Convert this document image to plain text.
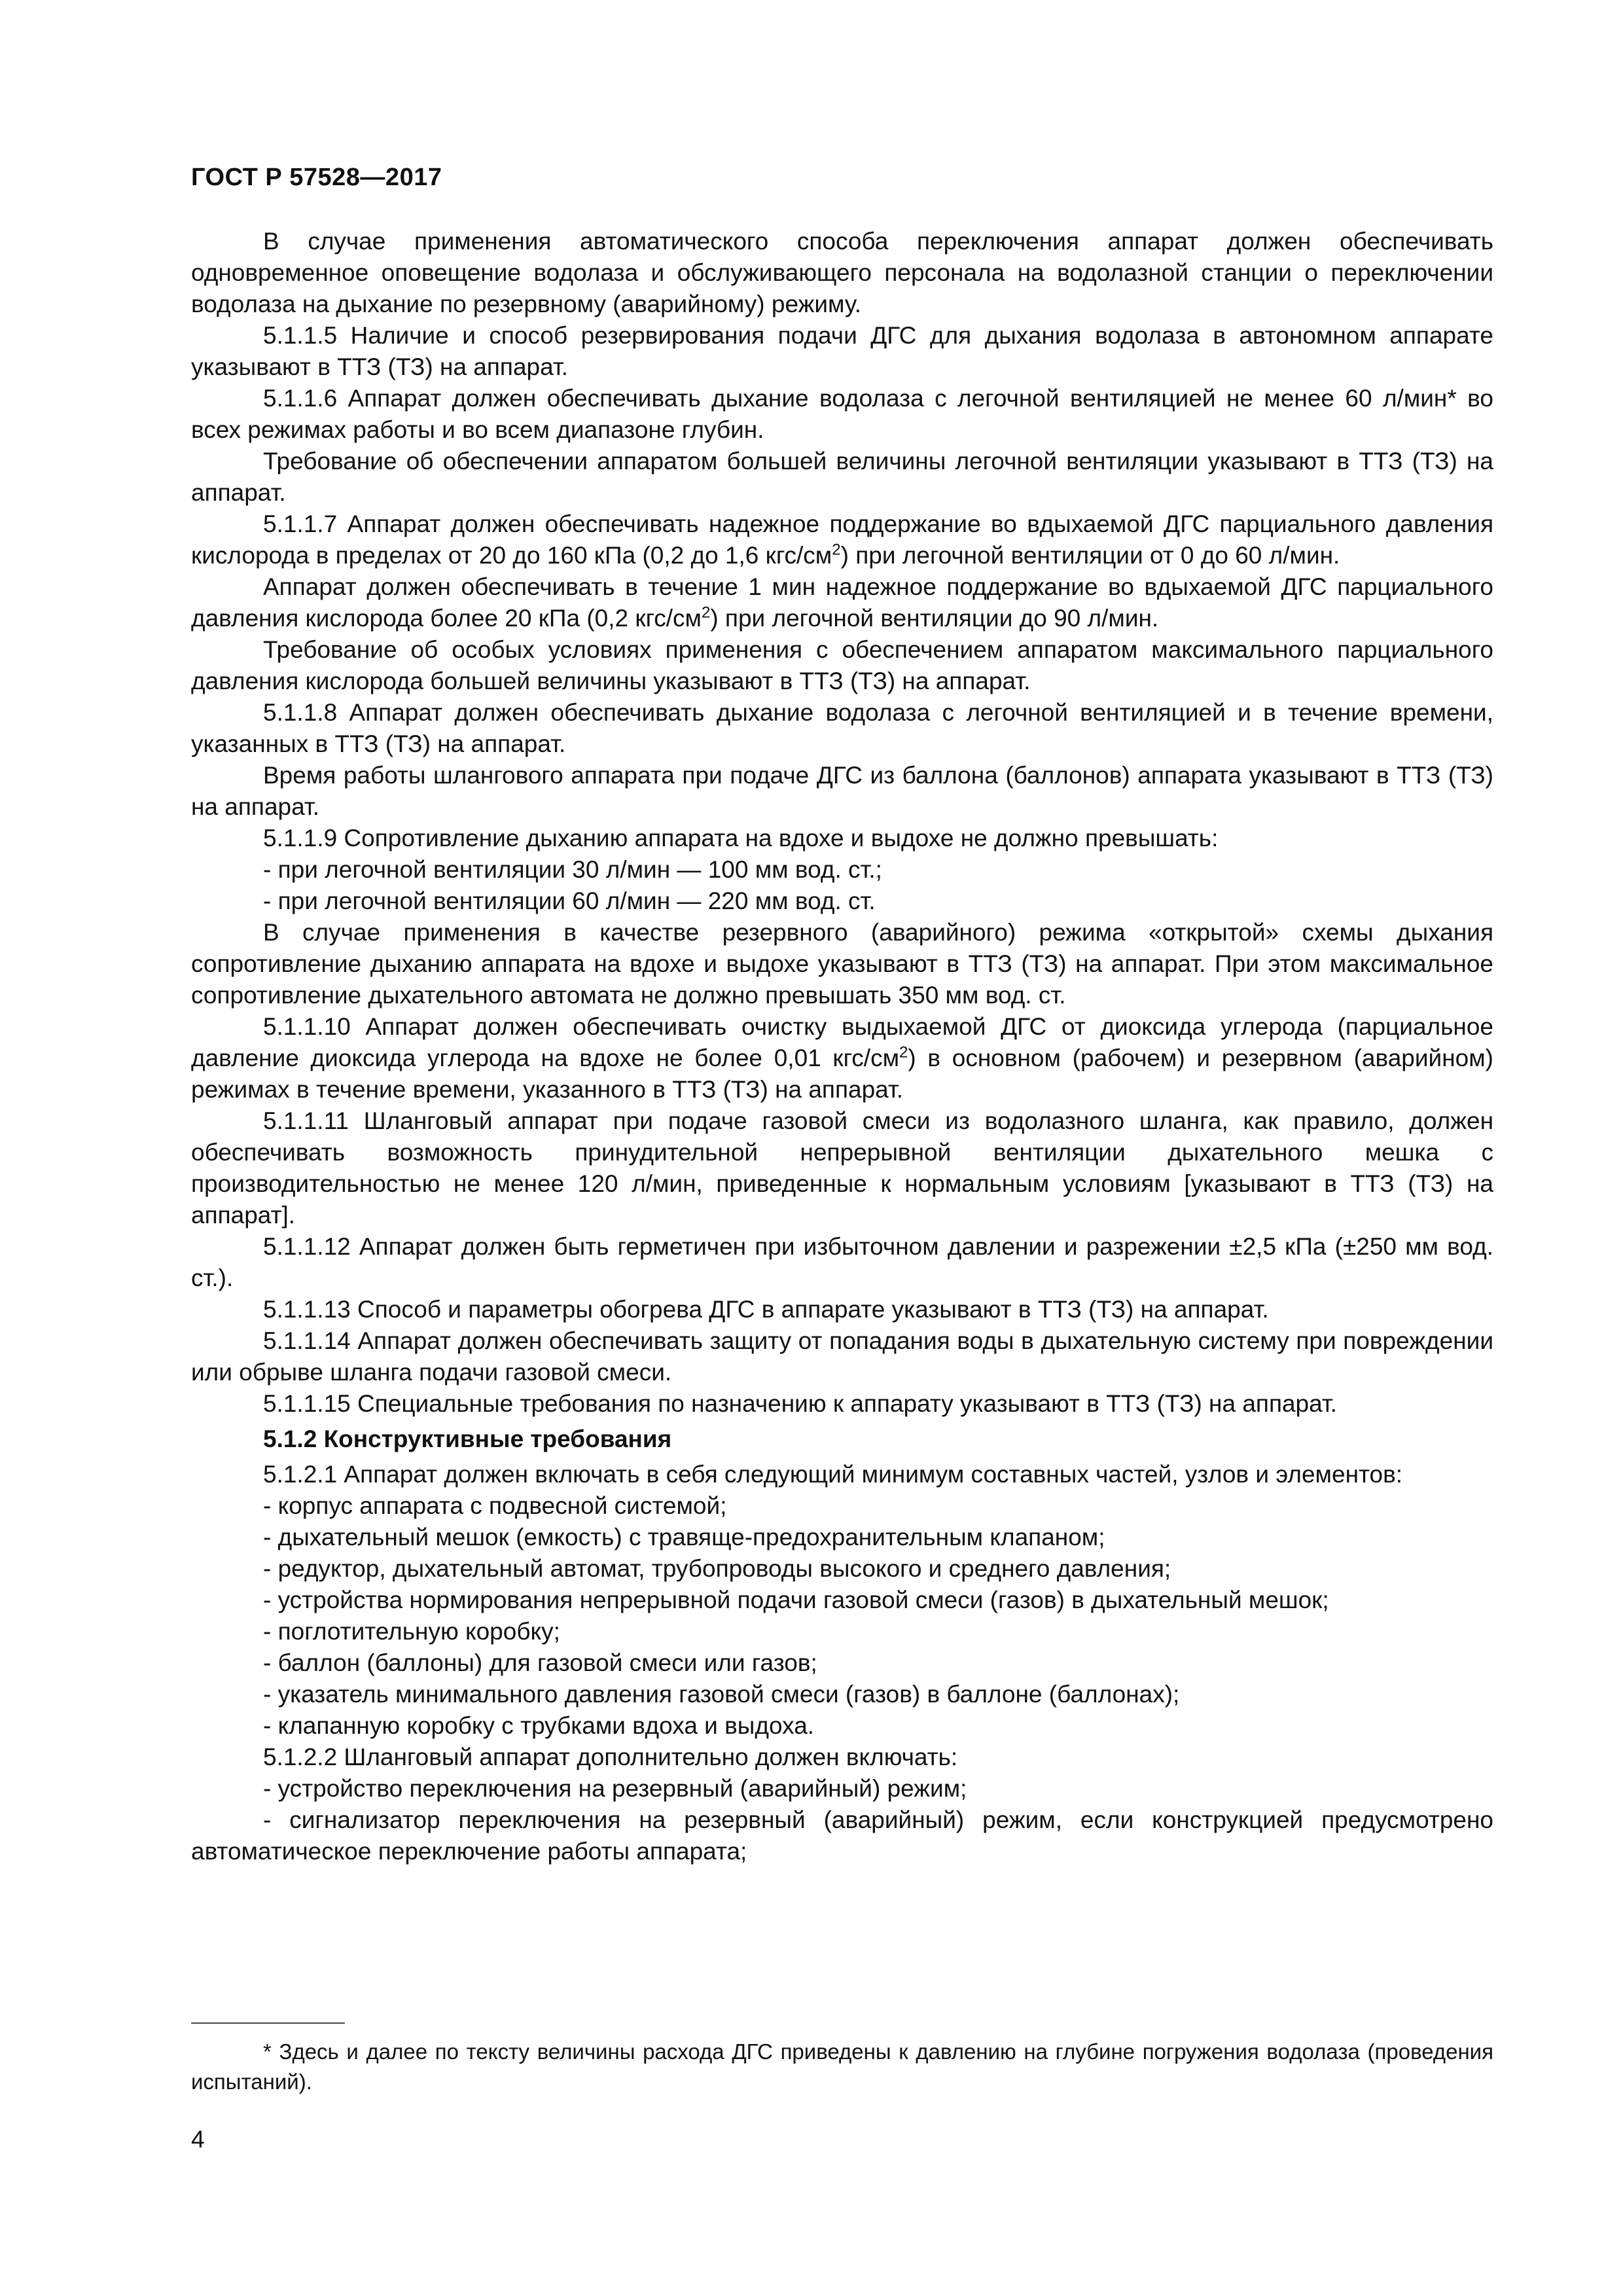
ГОСТ Р 57528—2017

В случае применения автоматического способа переключения аппарат должен обеспечивать одновременное оповещение водолаза и обслуживающего персонала на водолазной станции о переключении водолаза на дыхание по резервному (аварийному) режиму.

5.1.1.5 Наличие и способ резервирования подачи ДГС для дыхания водолаза в автономном аппарате указывают в ТТЗ (ТЗ) на аппарат.

5.1.1.6 Аппарат должен обеспечивать дыхание водолаза с легочной вентиляцией не менее 60 л/мин* во всех режимах работы и во всем диапазоне глубин.

Требование об обеспечении аппаратом большей величины легочной вентиляции указывают в ТТЗ (ТЗ) на аппарат.

5.1.1.7 Аппарат должен обеспечивать надежное поддержание во вдыхаемой ДГС парциального давления кислорода в пределах от 20 до 160 кПа (0,2 до 1,6 кгс/$см^2$) при легочной вентиляции от 0 до 60 л/мин.

Аппарат должен обеспечивать в течение 1 мин надежное поддержание во вдыхаемой ДГС парциального давления кислорода более 20 кПа (0,2 кгс/$см^2$) при легочной вентиляции до 90 л/мин.

Требование об особых условиях применения с обеспечением аппаратом максимального парциального давления кислорода большей величины указывают в ТТЗ (ТЗ) на аппарат.

5.1.1.8 Аппарат должен обеспечивать дыхание водолаза с легочной вентиляцией и в течение времени, указанных в ТТЗ (ТЗ) на аппарат.

Время работы шлангового аппарата при подаче ДГС из баллона (баллонов) аппарата указывают в ТТЗ (ТЗ) на аппарат.

5.1.1.9 Сопротивление дыханию аппарата на вдохе и выдохе не должно превышать:

- при легочной вентиляции 30 л/мин — 100 мм вод. ст.;

- при легочной вентиляции 60 л/мин — 220 мм вод. ст.

В случае применения в качестве резервного (аварийного) режима «открытой» схемы дыхания сопротивление дыханию аппарата на вдохе и выдохе указывают в ТТЗ (ТЗ) на аппарат. При этом максимальное сопротивление дыхательного автомата не должно превышать 350 мм вод. ст.

5.1.1.10 Аппарат должен обеспечивать очистку выдыхаемой ДГС от диоксида углерода (парциальное давление диоксида углерода на вдохе не более 0,01 кгс/$см^2$) в основном (рабочем) и резервном (аварийном) режимах в течение времени, указанного в ТТЗ (ТЗ) на аппарат.

5.1.1.11 Шланговый аппарат при подаче газовой смеси из водолазного шланга, как правило, должен обеспечивать возможность принудительной непрерывной вентиляции дыхательного мешка с производительностью не менее 120 л/мин, приведенные к нормальным условиям [указывают в ТТЗ (ТЗ) на аппарат].

5.1.1.12 Аппарат должен быть герметичен при избыточном давлении и разрежении ±2,5 кПа (±250 мм вод. ст.).

5.1.1.13 Способ и параметры обогрева ДГС в аппарате указывают в ТТЗ (ТЗ) на аппарат.

5.1.1.14 Аппарат должен обеспечивать защиту от попадания воды в дыхательную систему при повреждении или обрыве шланга подачи газовой смеси.

5.1.1.15 Специальные требования по назначению к аппарату указывают в ТТЗ (ТЗ) на аппарат.

5.1.2 Конструктивные требования

5.1.2.1 Аппарат должен включать в себя следующий минимум составных частей, узлов и элементов:

- корпус аппарата с подвесной системой;

- дыхательный мешок (емкость) с травяще-предохранительным клапаном;

- редуктор, дыхательный автомат, трубопроводы высокого и среднего давления;

- устройства нормирования непрерывной подачи газовой смеси (газов) в дыхательный мешок;

- поглотительную коробку;

- баллон (баллоны) для газовой смеси или газов;

- указатель минимального давления газовой смеси (газов) в баллоне (баллонах);

- клапанную коробку с трубками вдоха и выдоха.

5.1.2.2 Шланговый аппарат дополнительно должен включать:

- устройство переключения на резервный (аварийный) режим;

- сигнализатор переключения на резервный (аварийный) режим, если конструкцией предусмотрено автоматическое переключение работы аппарата;

* Здесь и далее по тексту величины расхода ДГС приведены к давлению на глубине погружения водолаза (проведения испытаний).

4
